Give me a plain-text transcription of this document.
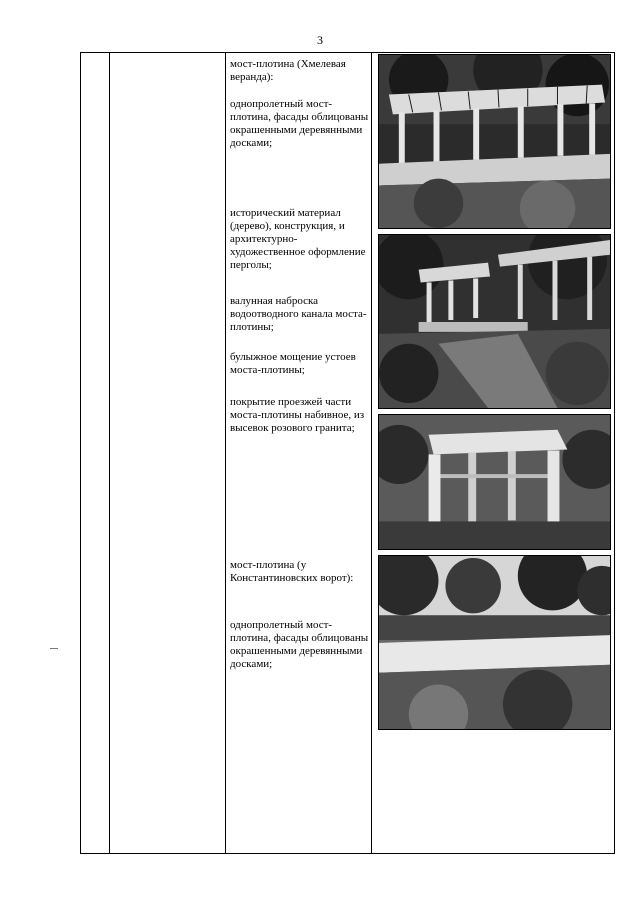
3

мост-плотина (Хмелевая веранда):

однопролетный мост-плотина, фасады облицованы окрашенными деревянными досками;

исторический материал (дерево), конструкция, и архитектурно-художественное оформление перголы;

валунная наброска водоотводного канала моста-плотины;

булыжное мощение устоев моста-плотины;

покрытие проезжей части моста-плотины набивное, из высевок розового гранита;

мост-плотина (у Константиновских ворот):

однопролетный мост-плотина, фасады облицованы окрашенными деревянными досками;
